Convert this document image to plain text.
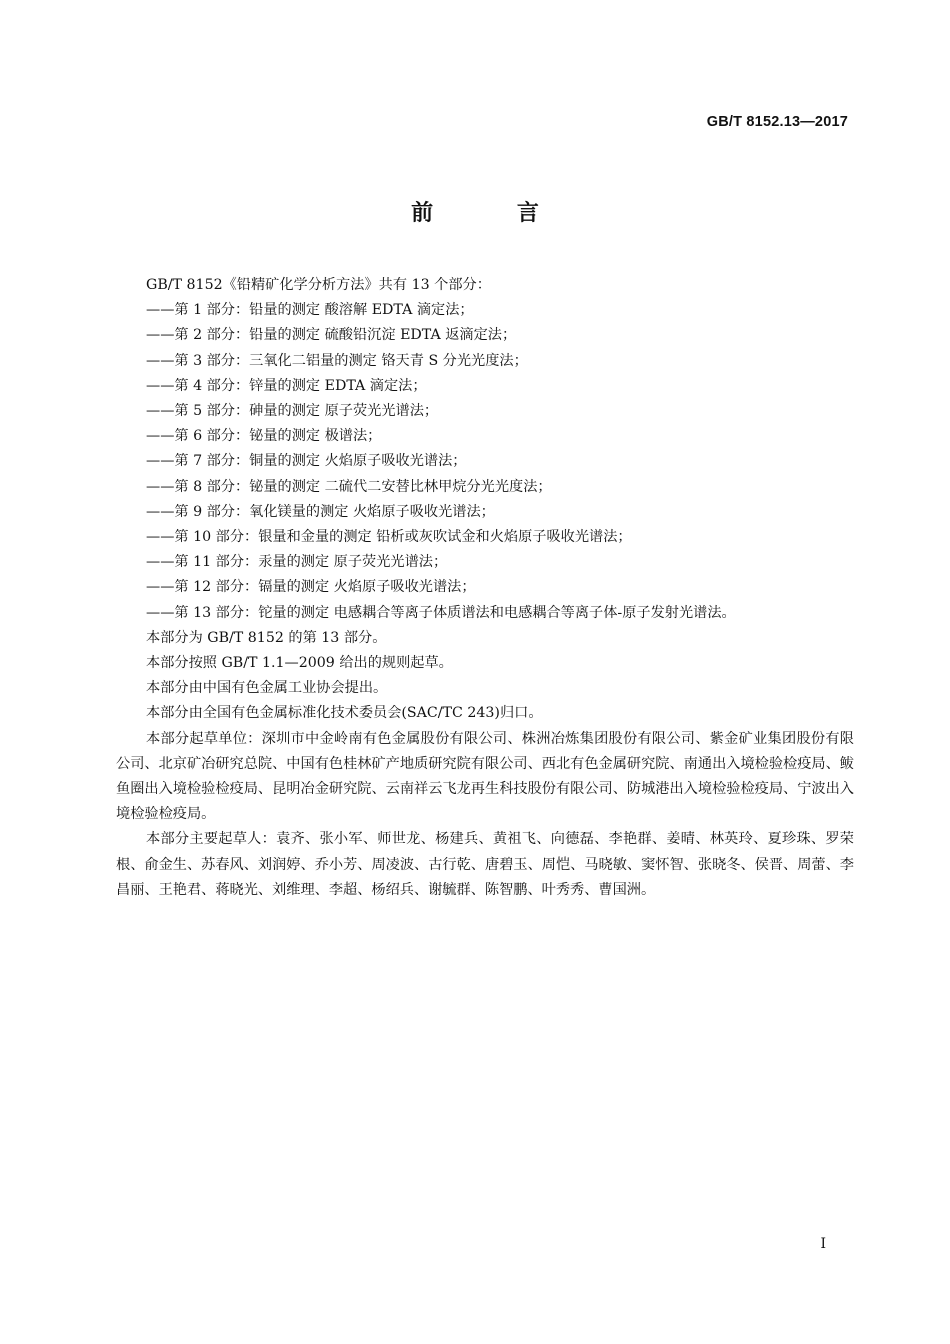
GB/T 8152.13—2017
前 言

GB/T 8152《铅精矿化学分析方法》共有 13 个部分：

——第 1 部分：铅量的测定 酸溶解 EDTA 滴定法；

——第 2 部分：铅量的测定 硫酸铅沉淀 EDTA 返滴定法；

——第 3 部分：三氧化二铝量的测定 铬天青 S 分光光度法；

——第 4 部分：锌量的测定 EDTA 滴定法；

——第 5 部分：砷量的测定 原子荧光光谱法；

——第 6 部分：铋量的测定 极谱法；

——第 7 部分：铜量的测定 火焰原子吸收光谱法；

——第 8 部分：铋量的测定 二硫代二安替比林甲烷分光光度法；

——第 9 部分：氧化镁量的测定 火焰原子吸收光谱法；

——第 10 部分：银量和金量的测定 铅析或灰吹试金和火焰原子吸收光谱法；

——第 11 部分：汞量的测定 原子荧光光谱法；

——第 12 部分：镉量的测定 火焰原子吸收光谱法；

——第 13 部分：铊量的测定 电感耦合等离子体质谱法和电感耦合等离子体-原子发射光谱法。

本部分为 GB/T 8152 的第 13 部分。

本部分按照 GB/T 1.1—2009 给出的规则起草。

本部分由中国有色金属工业协会提出。

本部分由全国有色金属标准化技术委员会(SAC/TC 243)归口。

本部分起草单位：深圳市中金岭南有色金属股份有限公司、株洲冶炼集团股份有限公司、紫金矿业集团股份有限公司、北京矿冶研究总院、中国有色桂林矿产地质研究院有限公司、西北有色金属研究院、南通出入境检验检疫局、鲅鱼圈出入境检验检疫局、昆明冶金研究院、云南祥云飞龙再生科技股份有限公司、防城港出入境检验检疫局、宁波出入境检验检疫局。

本部分主要起草人：袁齐、张小军、师世龙、杨建兵、黄祖飞、向德磊、李艳群、姜晴、林英玲、夏珍珠、罗荣根、俞金生、苏春风、刘润婷、乔小芳、周凌波、古行乾、唐碧玉、周恺、马晓敏、窦怀智、张晓冬、侯晋、周蕾、李昌丽、王艳君、蒋晓光、刘维理、李超、杨绍兵、谢毓群、陈智鹏、叶秀秀、曹国洲。

I
